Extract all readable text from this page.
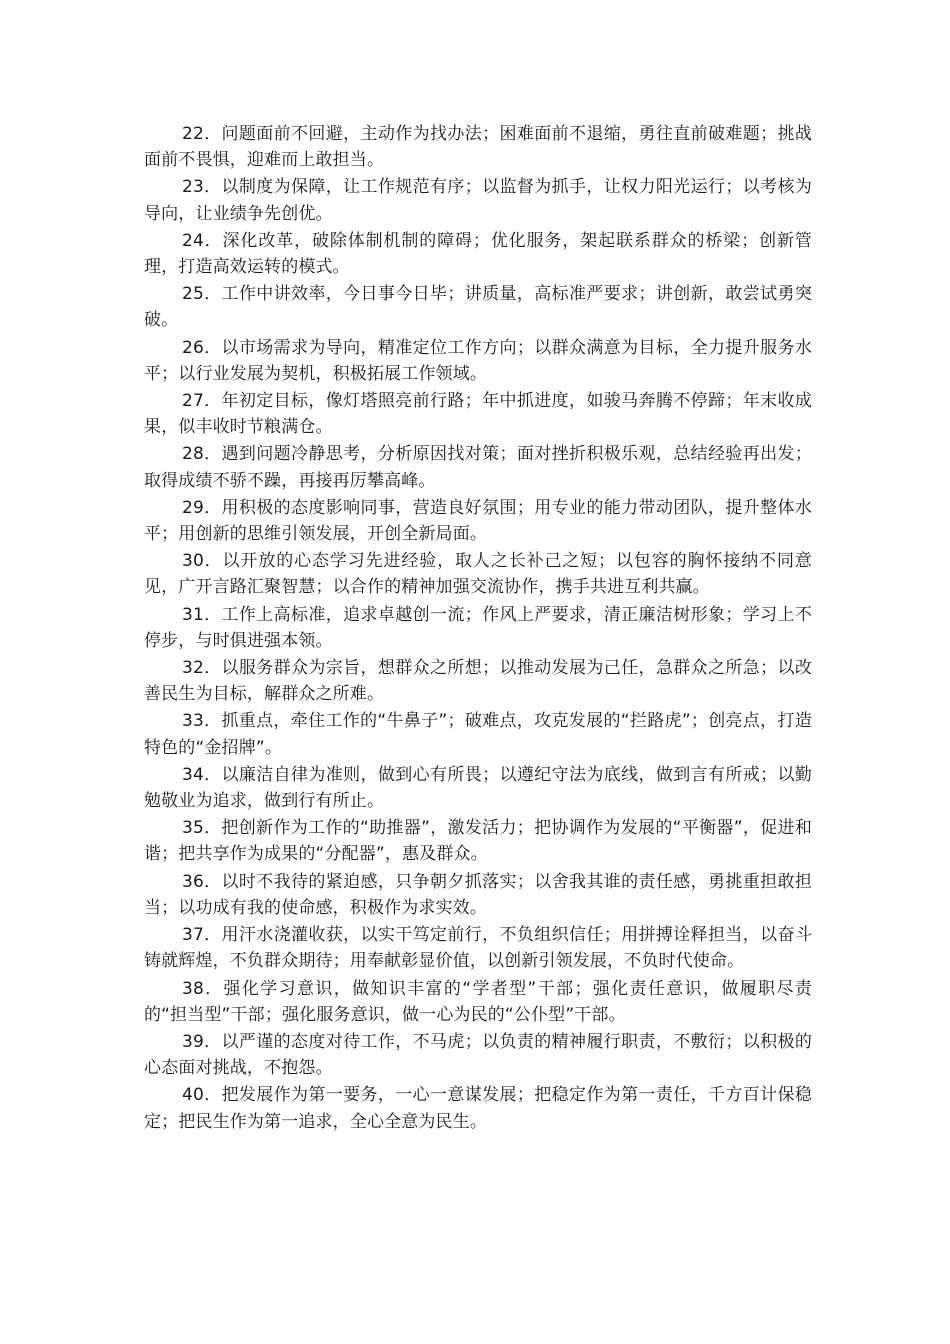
22．问题面前不回避，主动作为找办法；困难面前不退缩，勇往直前破难题；挑战面前不畏惧，迎难而上敢担当。

23．以制度为保障，让工作规范有序；以监督为抓手，让权力阳光运行；以考核为导向，让业绩争先创优。

24．深化改革，破除体制机制的障碍；优化服务，架起联系群众的桥梁；创新管理，打造高效运转的模式。

25．工作中讲效率，今日事今日毕；讲质量，高标准严要求；讲创新，敢尝试勇突破。

26．以市场需求为导向，精准定位工作方向；以群众满意为目标，全力提升服务水平；以行业发展为契机，积极拓展工作领域。

27．年初定目标，像灯塔照亮前行路；年中抓进度，如骏马奔腾不停蹄；年末收成果，似丰收时节粮满仓。

28．遇到问题冷静思考，分析原因找对策；面对挫折积极乐观，总结经验再出发；取得成绩不骄不躁，再接再厉攀高峰。

29．用积极的态度影响同事，营造良好氛围；用专业的能力带动团队，提升整体水平；用创新的思维引领发展，开创全新局面。

30．以开放的心态学习先进经验，取人之长补己之短；以包容的胸怀接纳不同意见，广开言路汇聚智慧；以合作的精神加强交流协作，携手共进互利共赢。

31．工作上高标准，追求卓越创一流；作风上严要求，清正廉洁树形象；学习上不停步，与时俱进强本领。

32．以服务群众为宗旨，想群众之所想；以推动发展为己任，急群众之所急；以改善民生为目标，解群众之所难。

33．抓重点，牵住工作的“牛鼻子”；破难点，攻克发展的“拦路虎”；创亮点，打造特色的“金招牌”。

34．以廉洁自律为准则，做到心有所畏；以遵纪守法为底线，做到言有所戒；以勤勉敬业为追求，做到行有所止。

35．把创新作为工作的“助推器”，激发活力；把协调作为发展的“平衡器”，促进和谐；把共享作为成果的“分配器”，惠及群众。

36．以时不我待的紧迫感，只争朝夕抓落实；以舍我其谁的责任感，勇挑重担敢担当；以功成有我的使命感，积极作为求实效。

37．用汗水浇灌收获，以实干笃定前行，不负组织信任；用拼搏诠释担当，以奋斗铸就辉煌，不负群众期待；用奉献彰显价值，以创新引领发展，不负时代使命。

38．强化学习意识，做知识丰富的“学者型”干部；强化责任意识，做履职尽责的“担当型”干部；强化服务意识，做一心为民的“公仆型”干部。

39．以严谨的态度对待工作，不马虎；以负责的精神履行职责，不敷衍；以积极的心态面对挑战，不抱怨。

40．把发展作为第一要务，一心一意谋发展；把稳定作为第一责任，千方百计保稳定；把民生作为第一追求，全心全意为民生。
